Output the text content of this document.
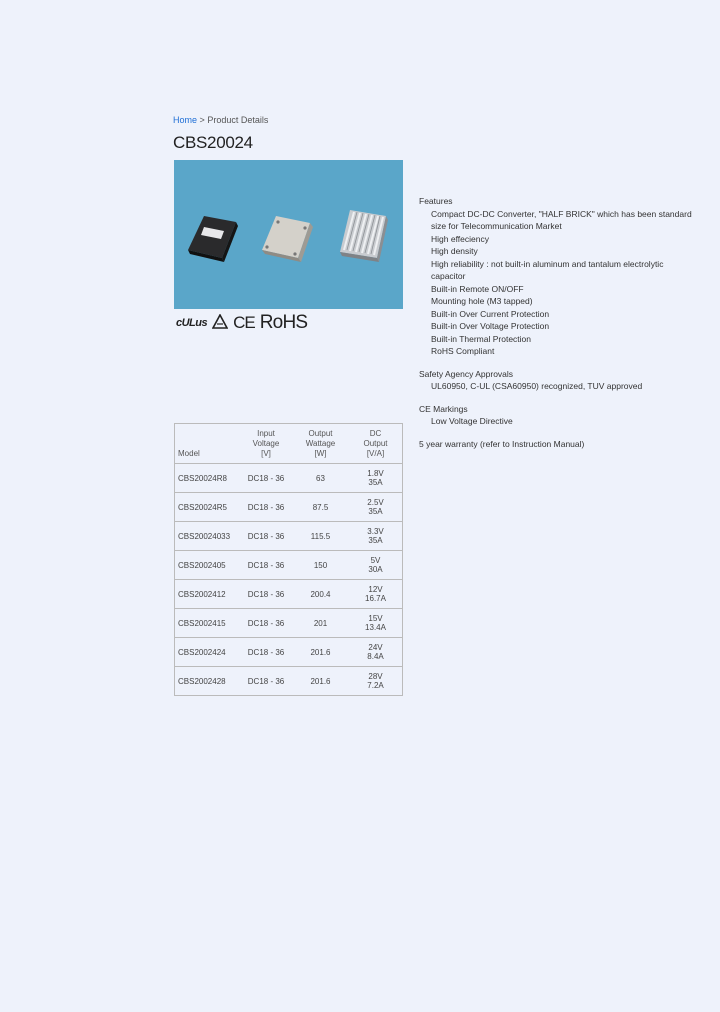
Home > Product Details
CBS20024
cULus CE RoHS
Model	Input
Voltage
[V]	Output
Wattage
[W]	DC
Output
[V/A]
CBS20024R8	DC18 - 36	63	1.8V
35A
CBS20024R5	DC18 - 36	87.5	2.5V
35A
CBS20024033	DC18 - 36	115.5	3.3V
35A
CBS2002405	DC18 - 36	150	5V
30A
CBS2002412	DC18 - 36	200.4	12V
16.7A
CBS2002415	DC18 - 36	201	15V
13.4A
CBS2002424	DC18 - 36	201.6	24V
8.4A
CBS2002428	DC18 - 36	201.6	28V
7.2A
Features
Compact DC-DC Converter, "HALF BRICK" which has been standard size for Telecommunication Market
High effeciency
High density
High reliability : not built-in aluminum and tantalum electrolytic capacitor
Built-in Remote ON/OFF
Mounting hole (M3 tapped)
Built-in Over Current Protection
Built-in Over Voltage Protection
Built-in Thermal Protection
RoHS Compliant
Safety Agency Approvals
UL60950, C-UL (CSA60950) recognized, TUV approved
CE Markings
Low Voltage Directive

5 year warranty (refer to Instruction Manual)
